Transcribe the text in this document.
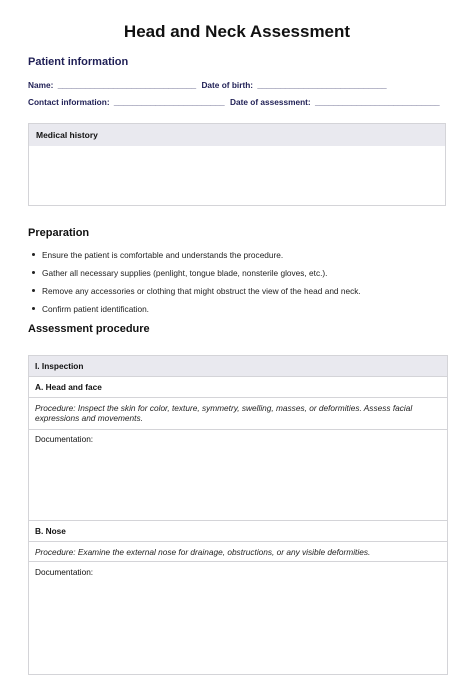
Head and Neck Assessment
Patient information
Name: ______________________________ Date of birth: ____________________________
Contact information: ________________________ Date of assessment: ___________________________
Medical history
Preparation
Ensure the patient is comfortable and understands the procedure.
Gather all necessary supplies (penlight, tongue blade, nonsterile gloves, etc.).
Remove any accessories or clothing that might obstruct the view of the head and neck.
Confirm patient identification.
Assessment procedure
I. Inspection
A. Head and face
Procedure: Inspect the skin for color, texture, symmetry, swelling, masses, or deformities. Assess facial expressions and movements.
Documentation:
B. Nose
Procedure: Examine the external nose for drainage, obstructions, or any visible deformities.
Documentation:
